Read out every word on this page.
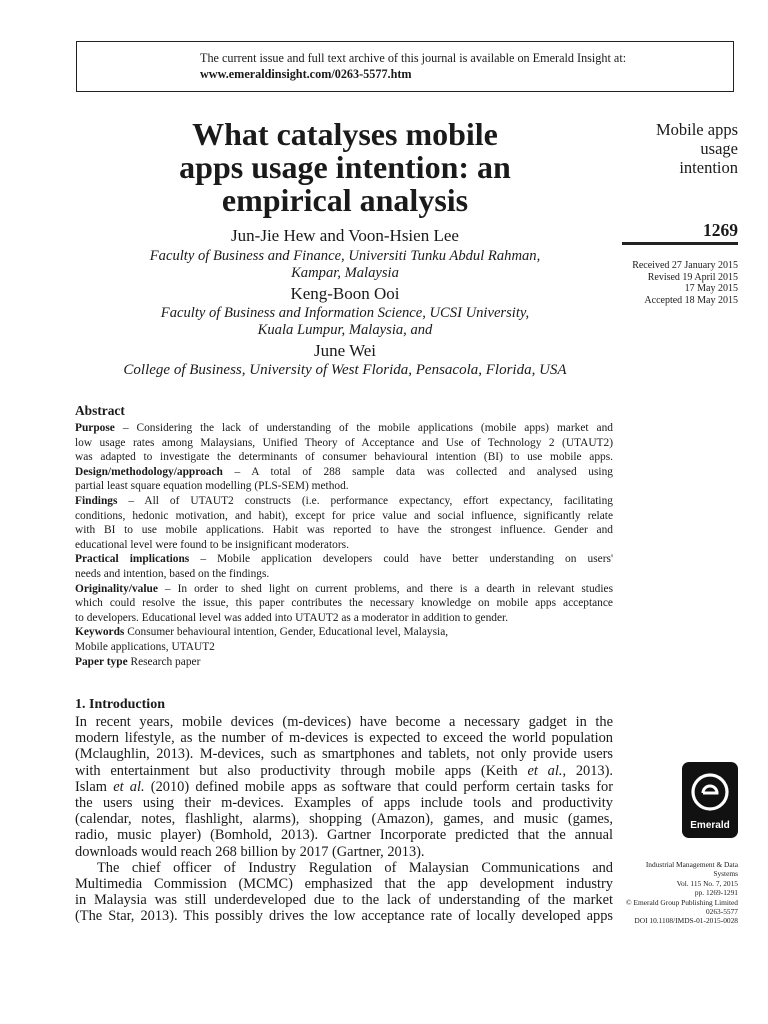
The current issue and full text archive of this journal is available on Emerald Insight at:
www.emeraldinsight.com/0263-5577.htm
What catalyses mobile
apps usage intention: an
empirical analysis
Jun-Jie Hew and Voon-Hsien Lee
Faculty of Business and Finance, Universiti Tunku Abdul Rahman,
Kampar, Malaysia
Keng-Boon Ooi
Faculty of Business and Information Science, UCSI University,
Kuala Lumpur, Malaysia, and
June Wei
College of Business, University of West Florida, Pensacola, Florida, USA
Mobile apps
usage
intention
1269
Received 27 January 2015
Revised 19 April 2015
17 May 2015
Accepted 18 May 2015
Abstract
Purpose – Considering the lack of understanding of the mobile applications (mobile apps) market and
low usage rates among Malaysians, Unified Theory of Acceptance and Use of Technology 2 (UTAUT2)
was adapted to investigate the determinants of consumer behavioural intention (BI) to use mobile apps.
Design/methodology/approach – A total of 288 sample data was collected and analysed using
partial least square equation modelling (PLS-SEM) method.
Findings – All of UTAUT2 constructs (i.e. performance expectancy, effort expectancy, facilitating
conditions, hedonic motivation, and habit), except for price value and social influence, significantly relate
with BI to use mobile applications. Habit was reported to have the strongest influence. Gender and
educational level were found to be insignificant moderators.
Practical implications – Mobile application developers could have better understanding on users'
needs and intention, based on the findings.
Originality/value – In order to shed light on current problems, and there is a dearth in relevant studies
which could resolve the issue, this paper contributes the necessary knowledge on mobile apps acceptance
to developers. Educational level was added into UTAUT2 as a moderator in addition to gender.
Keywords Consumer behavioural intention, Gender, Educational level, Malaysia,
Mobile applications, UTAUT2
Paper type Research paper
1. Introduction
In recent years, mobile devices (m-devices) have become a necessary gadget in the
modern lifestyle, as the number of m-devices is expected to exceed the world population
(Mclaughlin, 2013). M-devices, such as smartphones and tablets, not only provide users
with entertainment but also productivity through mobile apps (Keith et al., 2013).
Islam et al. (2010) defined mobile apps as software that could perform certain tasks for
the users using their m-devices. Examples of apps include tools and productivity
(calendar, notes, flashlight, alarms), shopping (Amazon), games, and music (games,
radio, music player) (Bomhold, 2013). Gartner Incorporate predicted that the annual
downloads would reach 268 billion by 2017 (Gartner, 2013).
The chief officer of Industry Regulation of Malaysian Communications and
Multimedia Commission (MCMC) emphasized that the app development industry
in Malaysia was still underdeveloped due to the lack of understanding of the market
(The Star, 2013). This possibly drives the low acceptance rate of locally developed apps
Emerald
Industrial Management & Data
Systems
Vol. 115 No. 7, 2015
pp. 1269-1291
© Emerald Group Publishing Limited
0263-5577
DOI 10.1108/IMDS-01-2015-0028
